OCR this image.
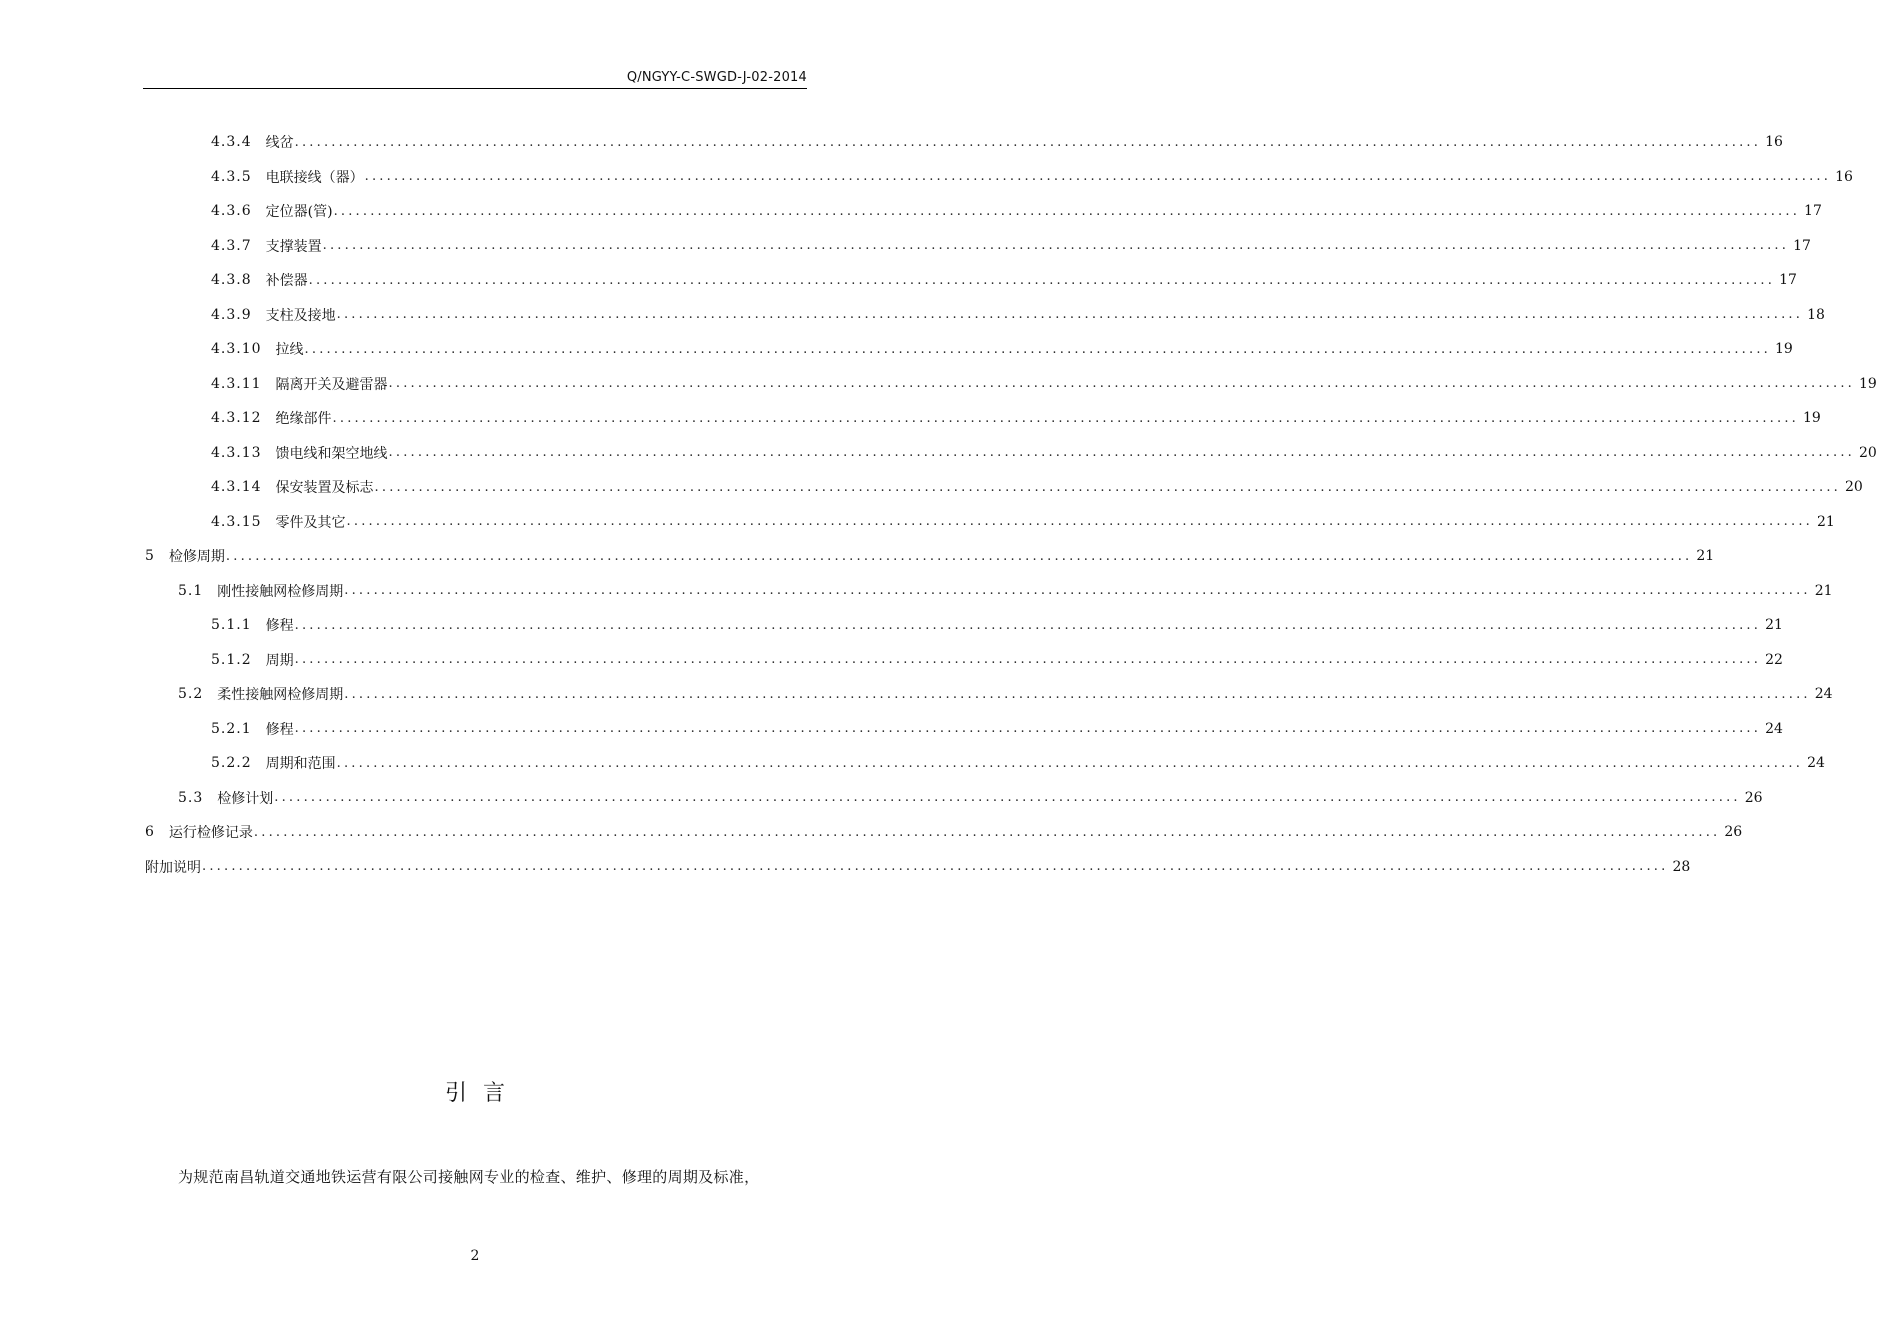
Q/NGYY-C-SWGD-J-02-2014
4.3.4 线岔 ........................................................................................................................................................................................................ 16
4.3.5 电联接线（器） ........................................................................................................................................................................................................ 16
4.3.6 定位器(管) ........................................................................................................................................................................................................ 17
4.3.7 支撑装置 ........................................................................................................................................................................................................ 17
4.3.8 补偿器 ........................................................................................................................................................................................................ 17
4.3.9 支柱及接地 ........................................................................................................................................................................................................ 18
4.3.10 拉线 ........................................................................................................................................................................................................ 19
4.3.11 隔离开关及避雷器 ........................................................................................................................................................................................................ 19
4.3.12 绝缘部件 ........................................................................................................................................................................................................ 19
4.3.13 馈电线和架空地线 ........................................................................................................................................................................................................ 20
4.3.14 保安装置及标志 ........................................................................................................................................................................................................ 20
4.3.15 零件及其它 ........................................................................................................................................................................................................ 21
5 检修周期 ........................................................................................................................................................................................................ 21
5.1 刚性接触网检修周期 ........................................................................................................................................................................................................ 21
5.1.1 修程 ........................................................................................................................................................................................................ 21
5.1.2 周期 ........................................................................................................................................................................................................ 22
5.2 柔性接触网检修周期 ........................................................................................................................................................................................................ 24
5.2.1 修程 ........................................................................................................................................................................................................ 24
5.2.2 周期和范围 ........................................................................................................................................................................................................ 24
5.3 检修计划 ........................................................................................................................................................................................................ 26
6 运行检修记录 ........................................................................................................................................................................................................ 26
附加说明 ........................................................................................................................................................................................................ 28
引言
为规范南昌轨道交通地铁运营有限公司接触网专业的检查、维护、修理的周期及标准，
2
